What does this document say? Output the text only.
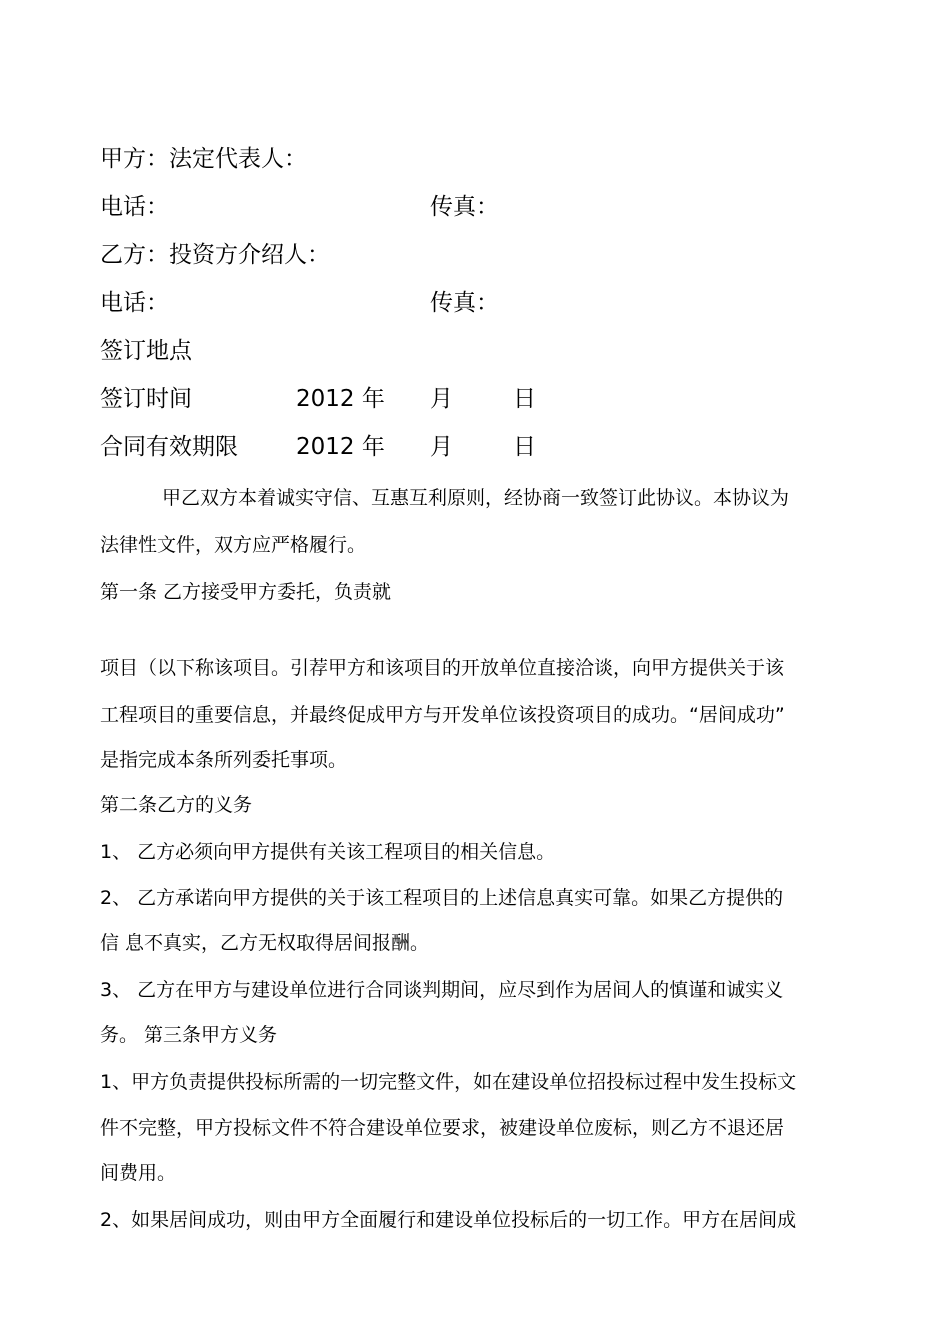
甲方：法定代表人：
电话：	传真：
乙方：投资方介绍人：
电话：	传真：
签订地点
签订时间	2012 年 月	日
合同有效期限	2012 年 月	日
甲乙双方本着诚实守信、互惠互利原则，经协商一致签订此协议。本协议为
法律性文件，双方应严格履行。
第一条 乙方接受甲方委托，负责就
项目（以下称该项目。引荐甲方和该项目的开放单位直接洽谈，向甲方提供关于该
工程项目的重要信息，并最终促成甲方与开发单位该投资项目的成功。“居间成功”
是指完成本条所列委托事项。
第二条乙方的义务
1、 乙方必须向甲方提供有关该工程项目的相关信息。
2、 乙方承诺向甲方提供的关于该工程项目的上述信息真实可靠。如果乙方提供的
信 息不真实，乙方无权取得居间报酬。
3、 乙方在甲方与建设单位进行合同谈判期间，应尽到作为居间人的慎谨和诚实义
务。 第三条甲方义务
1、甲方负责提供投标所需的一切完整文件，如在建设单位招投标过程中发生投标文
件不完整，甲方投标文件不符合建设单位要求，被建设单位废标，则乙方不退还居
间费用。
2、如果居间成功，则由甲方全面履行和建设单位投标后的一切工作。甲方在居间成
